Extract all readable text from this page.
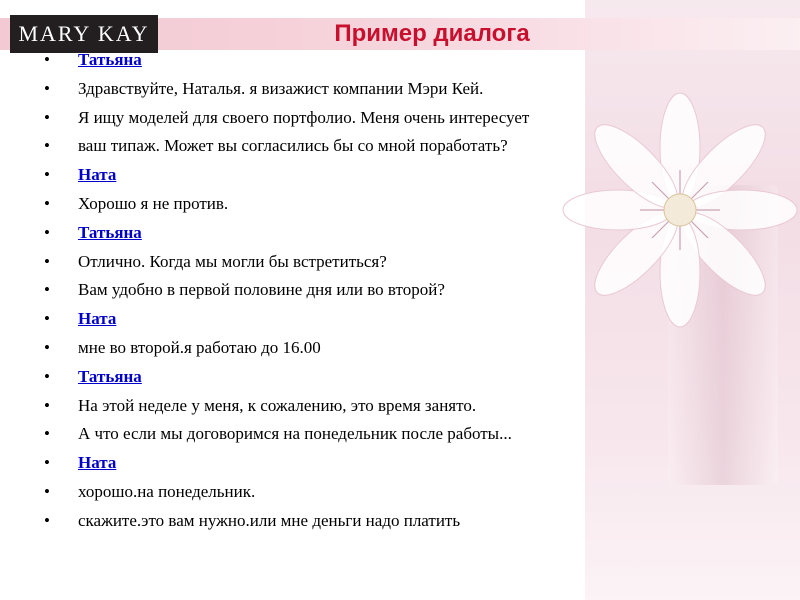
MARY KAY	Пример диалога
• Татьяна
• Здравствуйте, Наталья. я визажист компании Мэри Кей.
• Я ищу моделей для своего портфолио. Меня очень интересует
• ваш типаж. Может вы согласились бы со мной поработать?
• Ната
• Хорошо я не против.
• Татьяна
• Отлично. Когда мы могли бы встретиться?
• Вам удобно в первой половине дня или во второй?
• Ната
• мне во второй.я работаю до 16.00
• Татьяна
• На этой неделе у меня, к сожалению, это время занято.
• А что если мы договоримся на понедельник после работы...
• Ната
• хорошо.на понедельник.
• скажите.это вам нужно.или мне деньги надо платить
